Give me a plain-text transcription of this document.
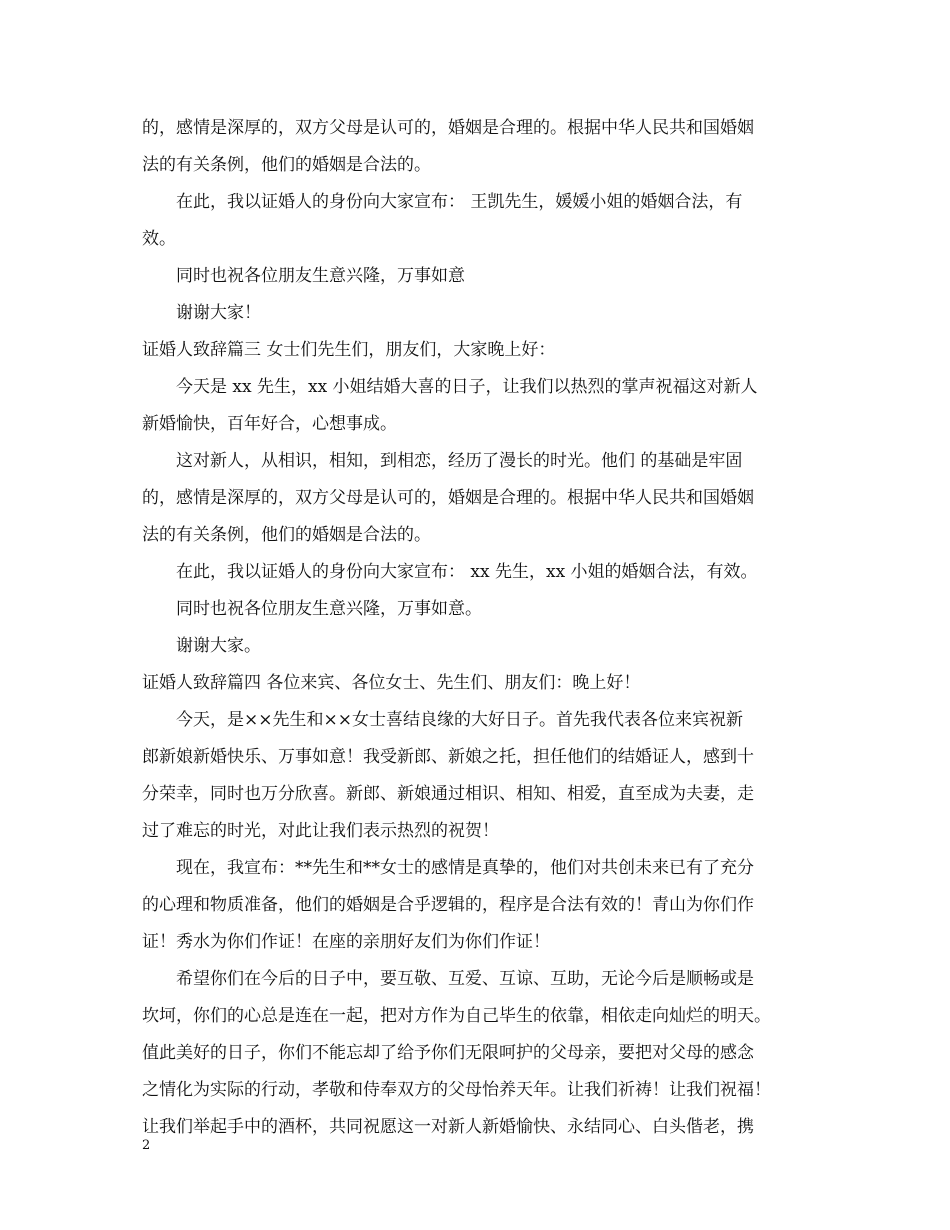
的，感情是深厚的，双方父母是认可的，婚姻是合理的。根据中华人民共和国婚姻
法的有关条例，他们的婚姻是合法的。
在此，我以证婚人的身份向大家宣布： 王凯先生，媛媛小姐的婚姻合法，有
效。
同时也祝各位朋友生意兴隆，万事如意
谢谢大家！
证婚人致辞篇三 女士们先生们，朋友们，大家晚上好：
今天是 xx 先生，xx 小姐结婚大喜的日子，让我们以热烈的掌声祝福这对新人
新婚愉快，百年好合，心想事成。
这对新人，从相识，相知，到相恋，经历了漫长的时光。他们 的基础是牢固
的，感情是深厚的，双方父母是认可的，婚姻是合理的。根据中华人民共和国婚姻
法的有关条例，他们的婚姻是合法的。
在此，我以证婚人的身份向大家宣布： xx 先生，xx 小姐的婚姻合法，有效。
同时也祝各位朋友生意兴隆，万事如意。
谢谢大家。
证婚人致辞篇四 各位来宾、各位女士、先生们、朋友们：晚上好！
今天，是××先生和××女士喜结良缘的大好日子。首先我代表各位来宾祝新
郎新娘新婚快乐、万事如意！我受新郎、新娘之托，担任他们的结婚证人，感到十
分荣幸，同时也万分欣喜。新郎、新娘通过相识、相知、相爱，直至成为夫妻，走
过了难忘的时光，对此让我们表示热烈的祝贺！
现在，我宣布：**先生和**女士的感情是真挚的，他们对共创未来已有了充分
的心理和物质准备，他们的婚姻是合乎逻辑的，程序是合法有效的！青山为你们作
证！秀水为你们作证！在座的亲朋好友们为你们作证！
希望你们在今后的日子中，要互敬、互爱、互谅、互助，无论今后是顺畅或是
坎坷，你们的心总是连在一起，把对方作为自己毕生的依靠，相依走向灿烂的明天。
值此美好的日子，你们不能忘却了给予你们无限呵护的父母亲，要把对父母的感念
之情化为实际的行动，孝敬和侍奉双方的父母怡养天年。让我们祈祷！让我们祝福！
让我们举起手中的酒杯，共同祝愿这一对新人新婚愉快、永结同心、白头偕老，携
2
